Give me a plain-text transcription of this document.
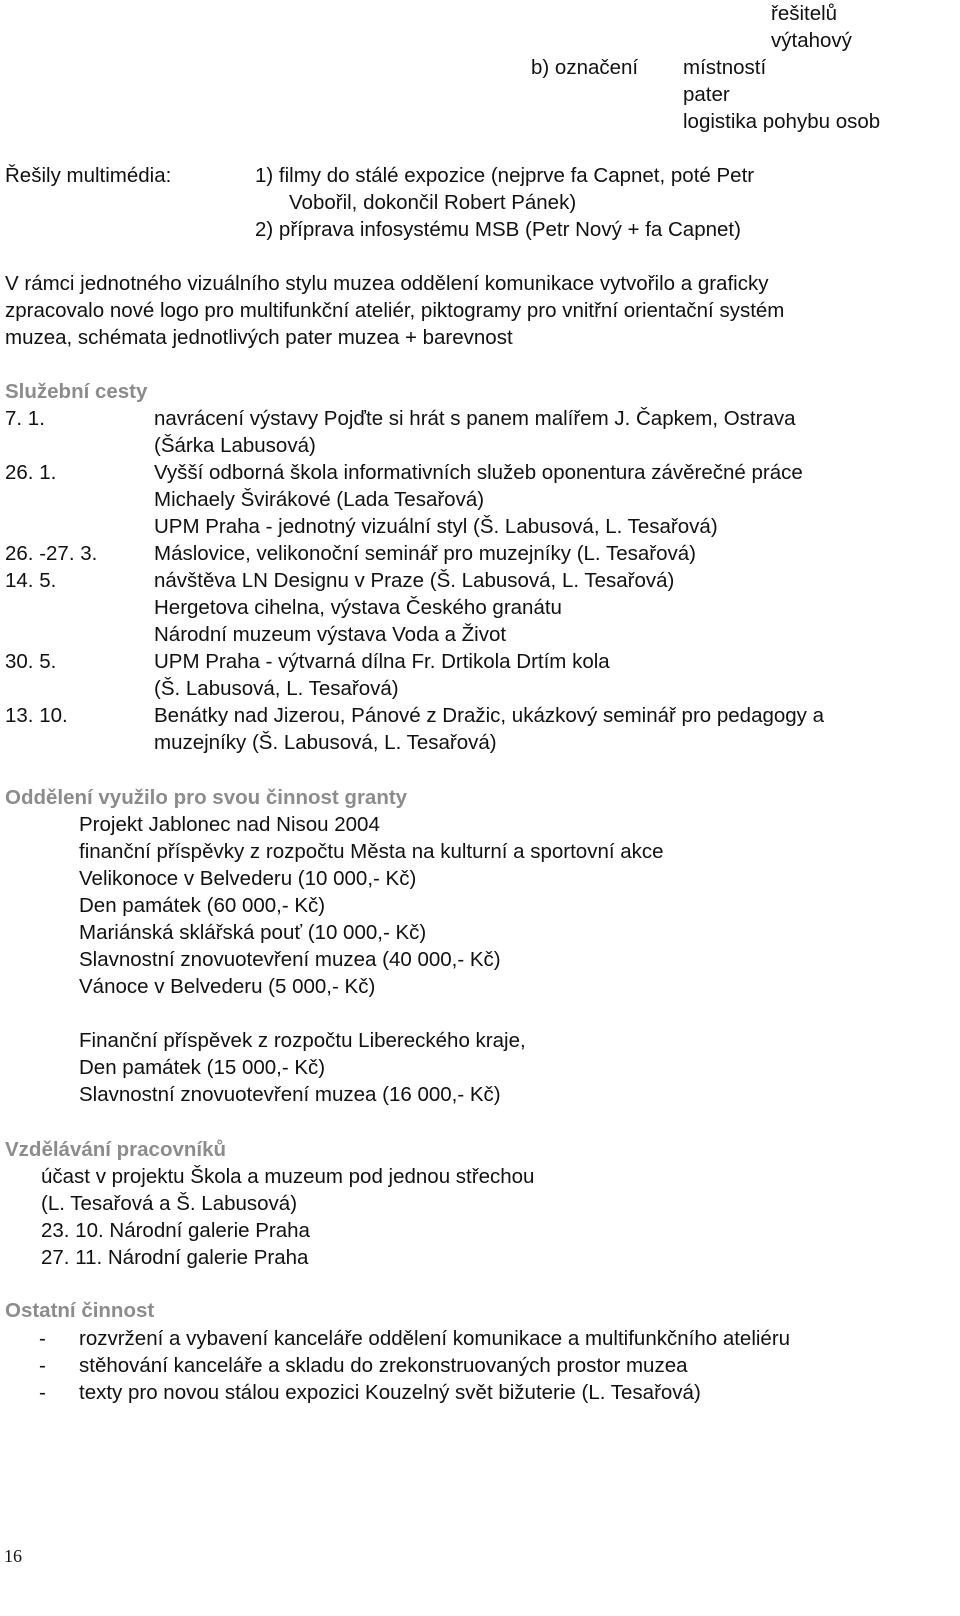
řešitelů
výtahový
b) označení místností
pater
logistika pohybu osob
Řešily multimédia:	1) filmy do stálé expozice (nejprve fa Capnet, poté Petr
Vobořil, dokončil Robert Pánek)
2) příprava infosystému MSB (Petr Nový + fa Capnet)
V rámci jednotného vizuálního stylu muzea oddělení komunikace vytvořilo a graficky
zpracovalo nové logo pro multifunkční ateliér, piktogramy pro vnitřní orientační systém
muzea, schémata jednotlivých pater muzea + barevnost
Služební cesty
7. 1.	navrácení výstavy Pojďte si hrát s panem malířem J. Čapkem, Ostrava
(Šárka Labusová)
26. 1.	Vyšší odborná škola informativních služeb oponentura závěrečné práce
Michaely Švirákové (Lada Tesařová)
UPM Praha - jednotný vizuální styl (Š. Labusová, L. Tesařová)
26. -27. 3.	Máslovice, velikonoční seminář pro muzejníky (L. Tesařová)
14. 5.	návštěva LN Designu v Praze (Š. Labusová, L. Tesařová)
Hergetova cihelna, výstava Českého granátu
Národní muzeum výstava Voda a Život
30. 5.	UPM Praha - výtvarná dílna Fr. Drtikola Drtím kola
(Š. Labusová, L. Tesařová)
13. 10.	Benátky nad Jizerou, Pánové z Dražic, ukázkový seminář pro pedagogy a
muzejníky (Š. Labusová, L. Tesařová)
Oddělení využilo pro svou činnost granty
Projekt Jablonec nad Nisou 2004
finanční příspěvky z rozpočtu Města na kulturní a sportovní akce
Velikonoce v Belvederu (10 000,- Kč)
Den památek (60 000,- Kč)
Mariánská sklářská pouť (10 000,- Kč)
Slavnostní znovuotevření muzea (40 000,- Kč)
Vánoce v Belvederu (5 000,- Kč)
Finanční příspěvek z rozpočtu Libereckého kraje,
Den památek (15 000,- Kč)
Slavnostní znovuotevření muzea (16 000,- Kč)
Vzdělávání pracovníků
účast v projektu Škola a muzeum pod jednou střechou
(L. Tesařová a Š. Labusová)
23. 10. Národní galerie Praha
27. 11. Národní galerie Praha
Ostatní činnost
- rozvržení a vybavení kanceláře oddělení komunikace a multifunkčního ateliéru
- stěhování kanceláře a skladu do zrekonstruovaných prostor muzea
- texty pro novou stálou expozici Kouzelný svět bižuterie (L. Tesařová)
16
